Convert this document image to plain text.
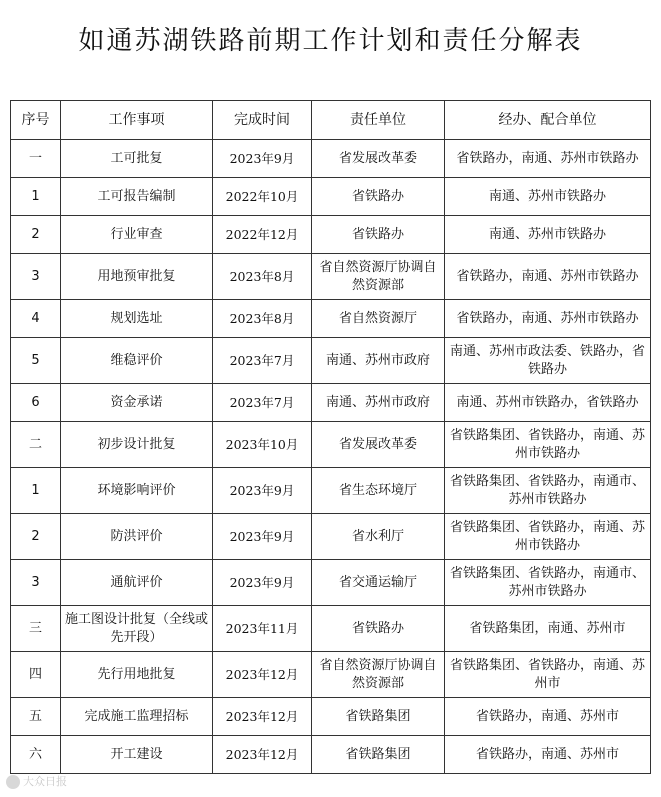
如通苏湖铁路前期工作计划和责任分解表
序号	工作事项	完成时间	责任单位	经办、配合单位
一	工可批复	2023年9月	省发展改革委	省铁路办，南通、苏州市铁路办
1	工可报告编制	2022年10月	省铁路办	南通、苏州市铁路办
2	行业审查	2022年12月	省铁路办	南通、苏州市铁路办
3	用地预审批复	2023年8月	省自然资源厅协调自然资源部	省铁路办，南通、苏州市铁路办
4	规划选址	2023年8月	省自然资源厅	省铁路办，南通、苏州市铁路办
5	维稳评价	2023年7月	南通、苏州市政府	南通、苏州市政法委、铁路办，省铁路办
6	资金承诺	2023年7月	南通、苏州市政府	南通、苏州市铁路办，省铁路办
二	初步设计批复	2023年10月	省发展改革委	省铁路集团、省铁路办，南通、苏州市铁路办
1	环境影响评价	2023年9月	省生态环境厅	省铁路集团、省铁路办，南通市、苏州市铁路办
2	防洪评价	2023年9月	省水利厅	省铁路集团、省铁路办，南通、苏州市铁路办
3	通航评价	2023年9月	省交通运输厅	省铁路集团、省铁路办，南通市、苏州市铁路办
三	施工图设计批复（全线或先开段）	2023年11月	省铁路办	省铁路集团，南通、苏州市
四	先行用地批复	2023年12月	省自然资源厅协调自然资源部	省铁路集团、省铁路办，南通、苏州市
五	完成施工监理招标	2023年12月	省铁路集团	省铁路办，南通、苏州市
六	开工建设	2023年12月	省铁路集团	省铁路办，南通、苏州市
大众日报
